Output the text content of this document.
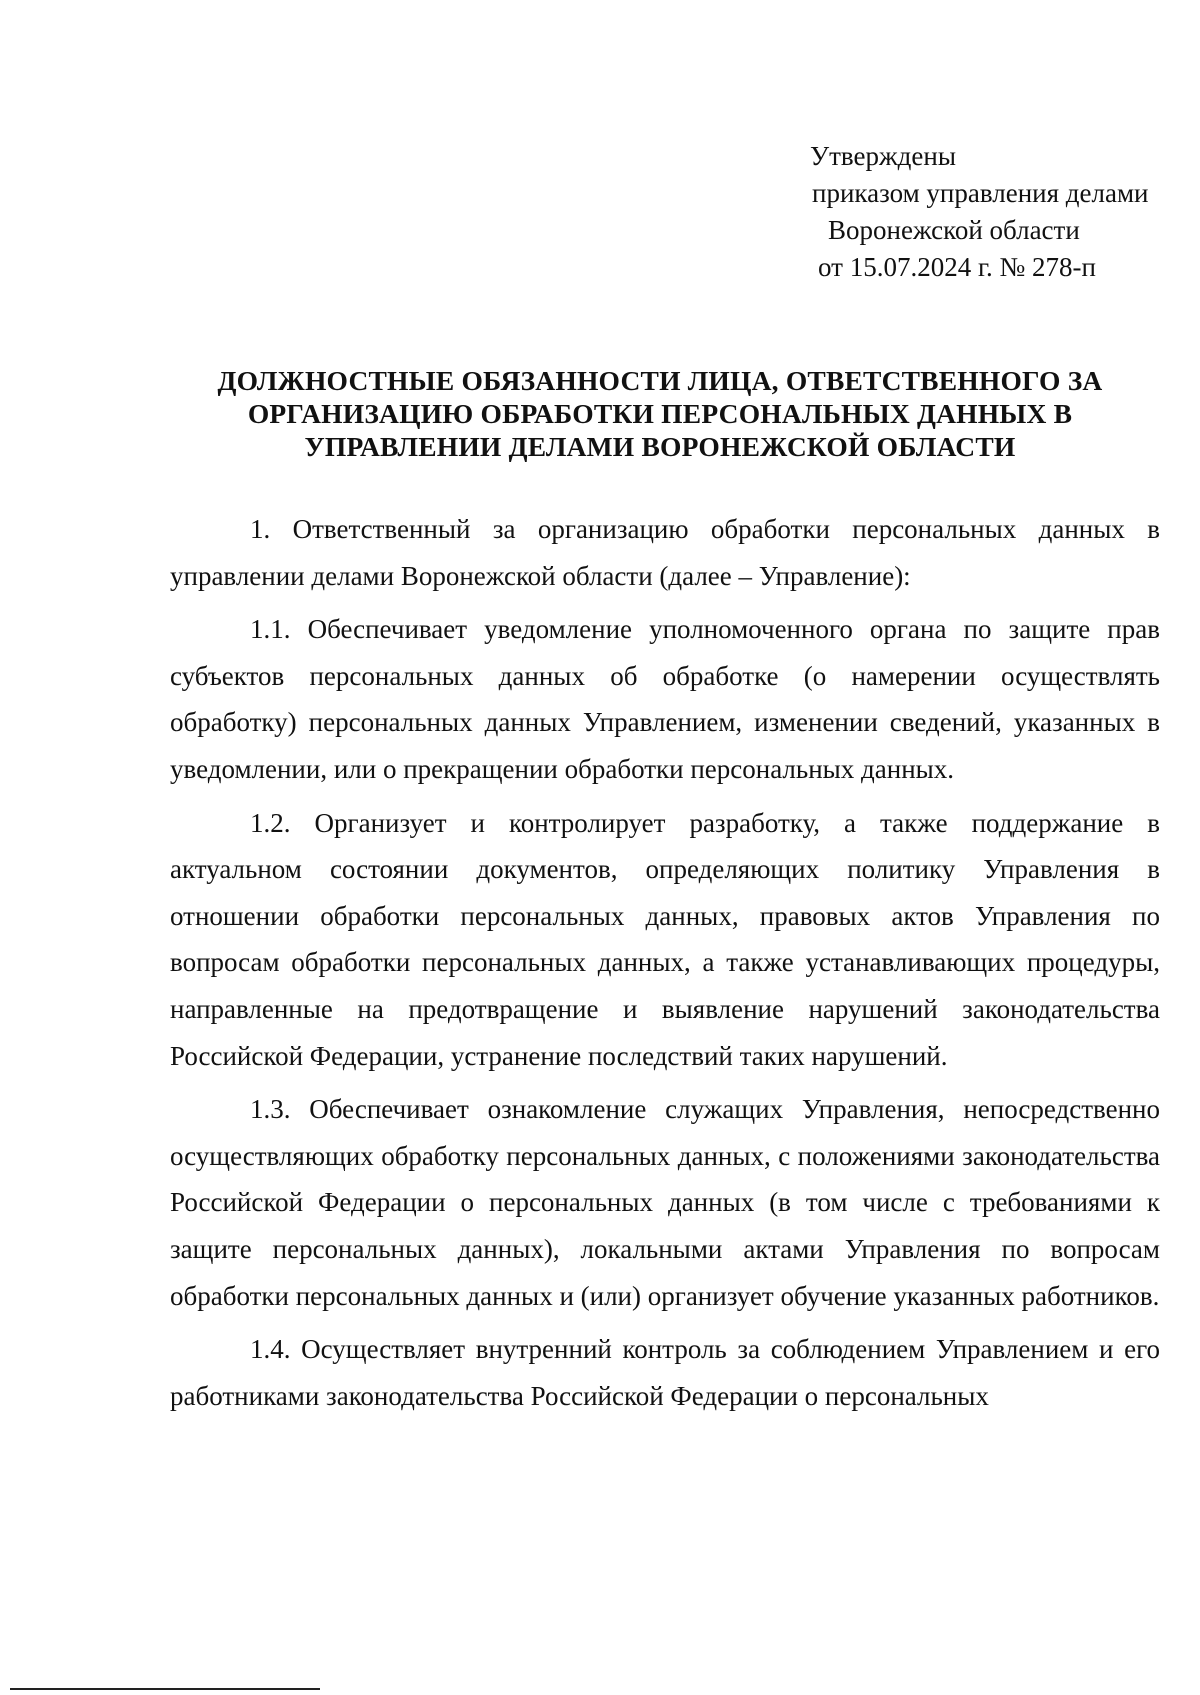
Утверждены
приказом управления делами
Воронежской области
от 15.07.2024 г. № 278-п
ДОЛЖНОСТНЫЕ ОБЯЗАННОСТИ ЛИЦА, ОТВЕТСТВЕННОГО ЗА
ОРГАНИЗАЦИЮ ОБРАБОТКИ ПЕРСОНАЛЬНЫХ ДАННЫХ В
УПРАВЛЕНИИ ДЕЛАМИ ВОРОНЕЖСКОЙ ОБЛАСТИ

1. Ответственный за организацию обработки персональных данных в управлении делами Воронежской области (далее – Управление):

1.1. Обеспечивает уведомление уполномоченного органа по защите прав субъектов персональных данных об обработке (о намерении осуществлять обработку) персональных данных Управлением, изменении сведений, указанных в уведомлении, или о прекращении обработки персональных данных.

1.2. Организует и контролирует разработку, а также поддержание в актуальном состоянии документов, определяющих политику Управления в отношении обработки персональных данных, правовых актов Управления по вопросам обработки персональных данных, а также устанавливающих процедуры, направленные на предотвращение и выявление нарушений законодательства Российской Федерации, устранение последствий таких нарушений.

1.3. Обеспечивает ознакомление служащих Управления, непосредственно осуществляющих обработку персональных данных, с положениями законодательства Российской Федерации о персональных данных (в том числе с требованиями к защите персональных данных), локальными актами Управления по вопросам обработки персональных данных и (или) организует обучение указанных работников.

1.4. Осуществляет внутренний контроль за соблюдением Управлением и его работниками законодательства Российской Федерации о персональных
